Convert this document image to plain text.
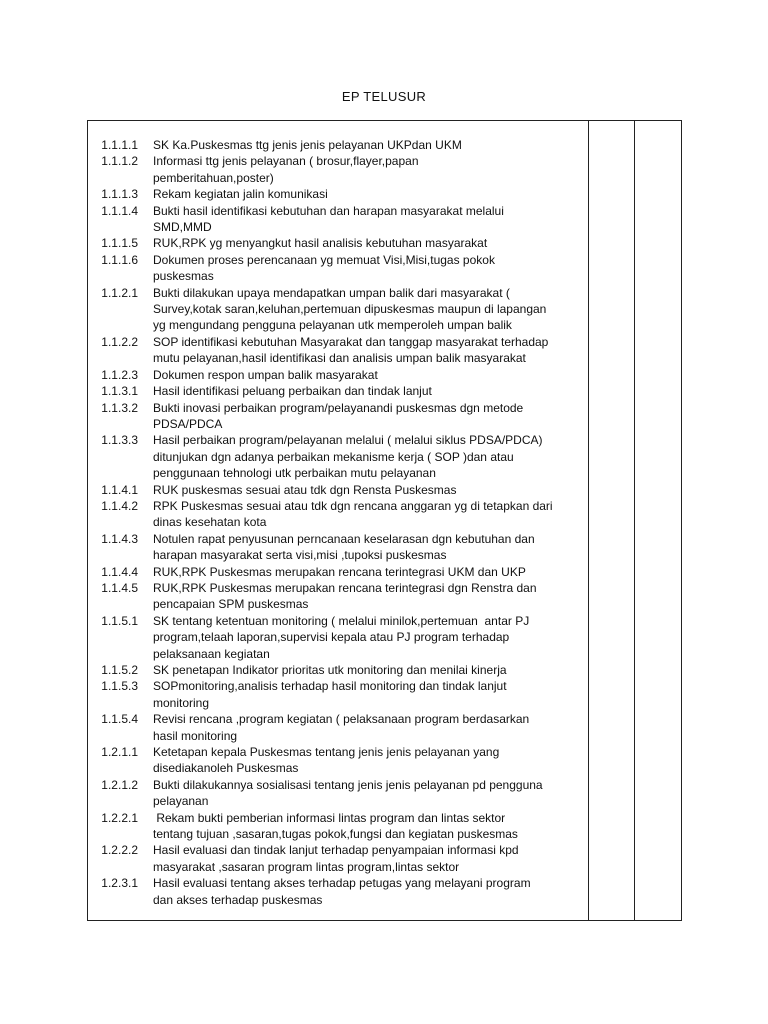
EP TELUSUR
1.1.1.1 SK Ka.Puskesmas ttg jenis jenis pelayanan UKPdan UKM
1.1.1.2 Informasi ttg jenis pelayanan ( brosur,flayer,papan
pemberitahuan,poster)
1.1.1.3 Rekam kegiatan jalin komunikasi
1.1.1.4 Bukti hasil identifikasi kebutuhan dan harapan masyarakat melalui
SMD,MMD
1.1.1.5 RUK,RPK yg menyangkut hasil analisis kebutuhan masyarakat
1.1.1.6 Dokumen proses perencanaan yg memuat Visi,Misi,tugas pokok
puskesmas
1.1.2.1 Bukti dilakukan upaya mendapatkan umpan balik dari masyarakat (
Survey,kotak saran,keluhan,pertemuan dipuskesmas maupun di lapangan
yg mengundang pengguna pelayanan utk memperoleh umpan balik
1.1.2.2 SOP identifikasi kebutuhan Masyarakat dan tanggap masyarakat terhadap
mutu pelayanan,hasil identifikasi dan analisis umpan balik masyarakat
1.1.2.3 Dokumen respon umpan balik masyarakat
1.1.3.1 Hasil identifikasi peluang perbaikan dan tindak lanjut
1.1.3.2 Bukti inovasi perbaikan program/pelayanandi puskesmas dgn metode
PDSA/PDCA
1.1.3.3 Hasil perbaikan program/pelayanan melalui ( melalui siklus PDSA/PDCA)
ditunjukan dgn adanya perbaikan mekanisme kerja ( SOP )dan atau
penggunaan tehnologi utk perbaikan mutu pelayanan
1.1.4.1 RUK puskesmas sesuai atau tdk dgn Rensta Puskesmas
1.1.4.2 RPK Puskesmas sesuai atau tdk dgn rencana anggaran yg di tetapkan dari
dinas kesehatan kota
1.1.4.3 Notulen rapat penyusunan perncanaan keselarasan dgn kebutuhan dan
harapan masyarakat serta visi,misi ,tupoksi puskesmas
1.1.4.4 RUK,RPK Puskesmas merupakan rencana terintegrasi UKM dan UKP
1.1.4.5 RUK,RPK Puskesmas merupakan rencana terintegrasi dgn Renstra dan
pencapaian SPM puskesmas
1.1.5.1 SK tentang ketentuan monitoring ( melalui minilok,pertemuan  antar PJ
program,telaah laporan,supervisi kepala atau PJ program terhadap
pelaksanaan kegiatan
1.1.5.2 SK penetapan Indikator prioritas utk monitoring dan menilai kinerja
1.1.5.3 SOPmonitoring,analisis terhadap hasil monitoring dan tindak lanjut
monitoring
1.1.5.4 Revisi rencana ,program kegiatan ( pelaksanaan program berdasarkan
hasil monitoring
1.2.1.1 Ketetapan kepala Puskesmas tentang jenis jenis pelayanan yang
disediakanoleh Puskesmas
1.2.1.2 Bukti dilakukannya sosialisasi tentang jenis jenis pelayanan pd pengguna
pelayanan
1.2.2.1 Rekam bukti pemberian informasi lintas program dan lintas sektor
tentang tujuan ,sasaran,tugas pokok,fungsi dan kegiatan puskesmas
1.2.2.2 Hasil evaluasi dan tindak lanjut terhadap penyampaian informasi kpd
masyarakat ,sasaran program lintas program,lintas sektor
1.2.3.1 Hasil evaluasi tentang akses terhadap petugas yang melayani program
dan akses terhadap puskesmas
